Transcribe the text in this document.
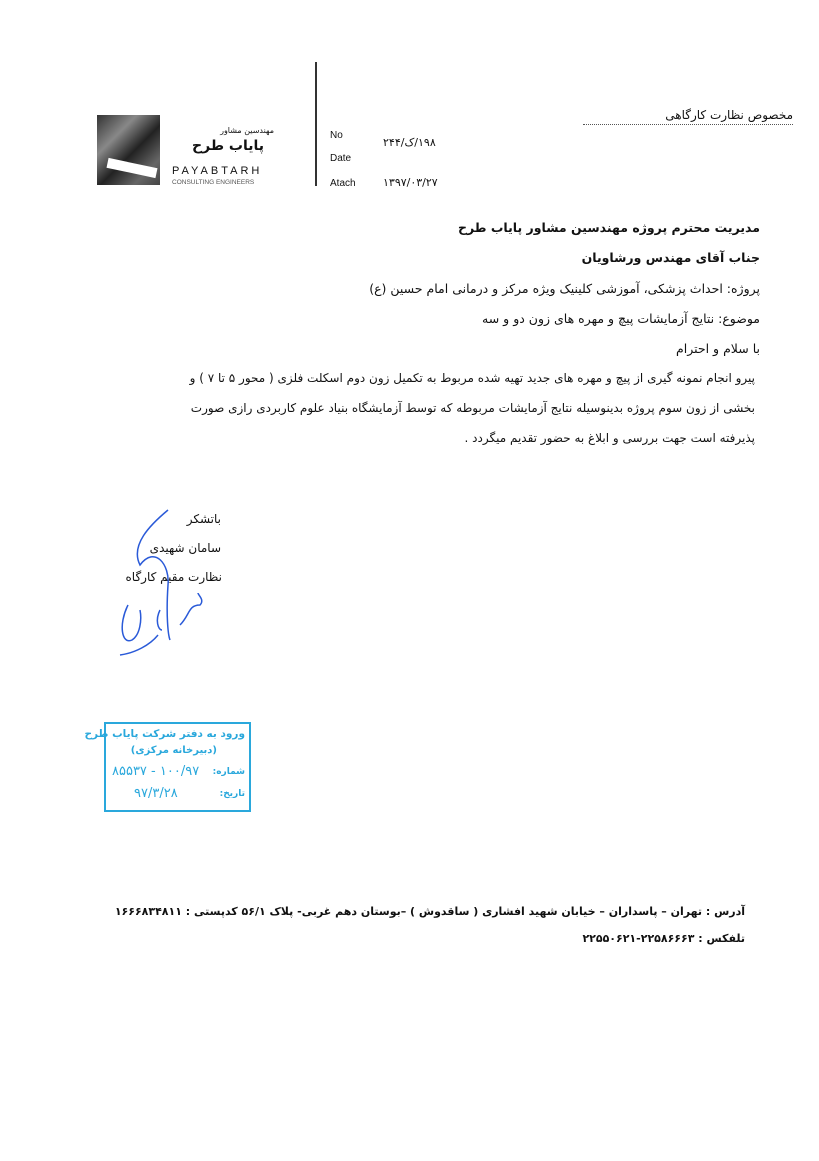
مهندسین مشاور
پایاب طرح
PAYABTARH
CONSULTING ENGINEERS
No
Date
Atach
۱۹۸/ک/۲۴۴
۱۳۹۷/۰۳/۲۷
مخصوص نظارت کارگاهی
مدیریت محترم پروژه مهندسین مشاور پایاب طرح
جناب آقای مهندس ورشاویان
پروژه: احداث پزشکی، آموزشی کلینیک ویژه مرکز و درمانی امام حسین (ع)
موضوع: نتایج آزمایشات پیچ و مهره های زون دو و سه
با سلام و احترام
پیرو انجام نمونه گیری از پیچ و مهره های جدید تهیه شده مربوط به تکمیل زون دوم اسکلت فلزی ( محور ۵ تا ۷ ) و
بخشی از زون سوم پروژه بدینوسیله نتایج آزمایشات مربوطه که توسط آزمایشگاه بنیاد علوم کاربردی رازی صورت
پذیرفته است جهت بررسی و ابلاغ به حضور تقدیم میگردد .
باتشکر
سامان شهیدی
نظارت مقیم کارگاه
ورود به دفتر شرکت پایاب طرح
(دبیرخانه مرکزی)
شماره:
۱۰۰/۹۷ - ۸۵۵۳۷
تاریخ:
۹۷/۳/۲۸
آدرس : تهران – پاسداران – خیابان شهید افشاری ( ساقدوش ) –بوستان دهم غربی- پلاک ۵۶/۱ کدپستی : ۱۶۶۶۸۳۴۸۱۱
تلفکس : ۲۲۵۸۶۶۶۳-۲۲۵۵۰۶۲۱
